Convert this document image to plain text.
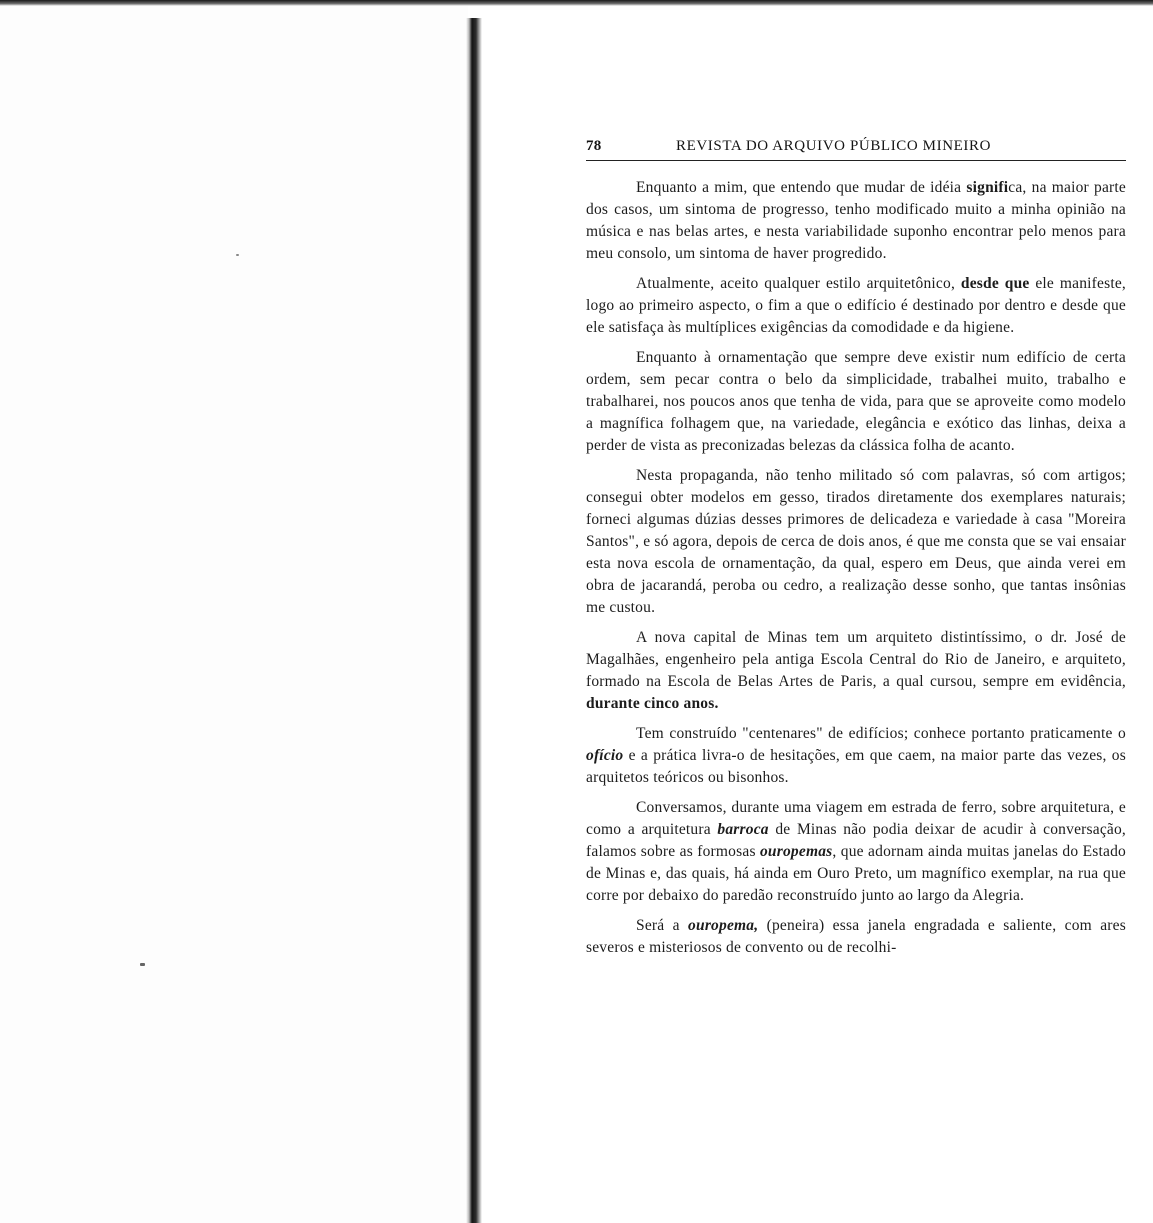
78	REVISTA DO ARQUIVO PÚBLICO MINEIRO

Enquanto a mim, que entendo que mudar de idéia significa, na maior parte dos casos, um sintoma de progresso, tenho modificado muito a minha opinião na música e nas belas artes, e nesta variabilidade suponho encontrar pelo menos para meu consolo, um sintoma de haver progredido.

Atualmente, aceito qualquer estilo arquitetônico, desde que ele manifeste, logo ao primeiro aspecto, o fim a que o edifício é destinado por dentro e desde que ele satisfaça às multíplices exigências da comodidade e da higiene.

Enquanto à ornamentação que sempre deve existir num edifício de certa ordem, sem pecar contra o belo da simplicidade, trabalhei muito, trabalho e trabalharei, nos poucos anos que tenha de vida, para que se aproveite como modelo a magnífica folhagem que, na variedade, elegância e exótico das linhas, deixa a perder de vista as preconizadas belezas da clássica folha de acanto.

Nesta propaganda, não tenho militado só com palavras, só com artigos; consegui obter modelos em gesso, tirados diretamente dos exemplares naturais; forneci algumas dúzias desses primores de delicadeza e variedade à casa "Moreira Santos", e só agora, depois de cerca de dois anos, é que me consta que se vai ensaiar esta nova escola de ornamentação, da qual, espero em Deus, que ainda verei em obra de jacarandá, peroba ou cedro, a realização desse sonho, que tantas insônias me custou.

A nova capital de Minas tem um arquiteto distintíssimo, o dr. José de Magalhães, engenheiro pela antiga Escola Central do Rio de Janeiro, e arquiteto, formado na Escola de Belas Artes de Paris, a qual cursou, sempre em evidência, durante cinco anos.

Tem construído "centenares" de edifícios; conhece portanto praticamente o ofício e a prática livra-o de hesitações, em que caem, na maior parte das vezes, os arquitetos teóricos ou bisonhos.

Conversamos, durante uma viagem em estrada de ferro, sobre arquitetura, e como a arquitetura barroca de Minas não podia deixar de acudir à conversação, falamos sobre as formosas ouropemas, que adornam ainda muitas janelas do Estado de Minas e, das quais, há ainda em Ouro Preto, um magnífico exemplar, na rua que corre por debaixo do paredão reconstruído junto ao largo da Alegria.

Será a ouropema, (peneira) essa janela engradada e saliente, com ares severos e misteriosos de convento ou de recolhi-
